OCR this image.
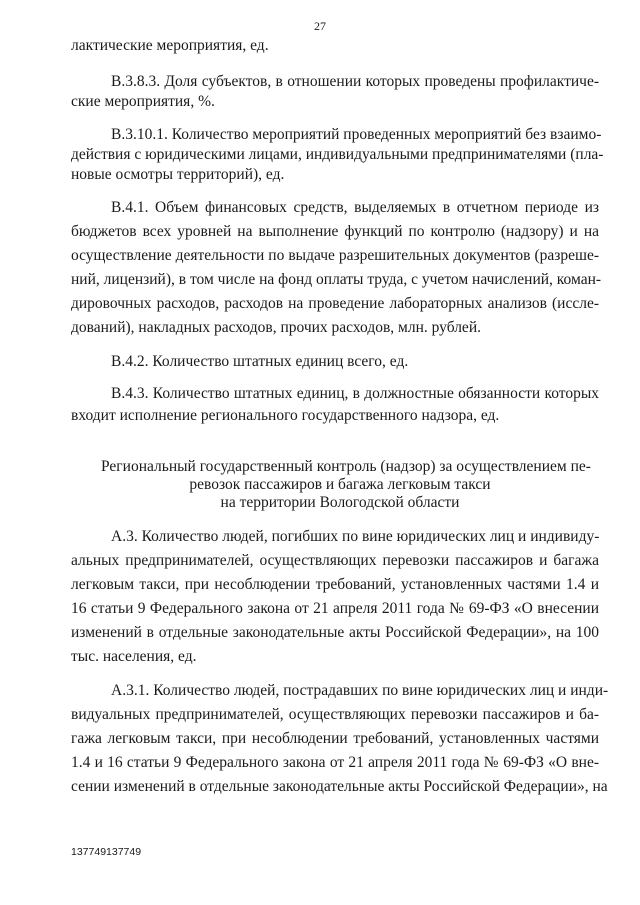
27
лактические мероприятия, ед.
В.3.8.3. Доля субъектов, в отношении которых проведены профилактиче-
ские мероприятия, %.
В.3.10.1. Количество мероприятий проведенных мероприятий без взаимо-
действия с юридическими лицами, индивидуальными предпринимателями (пла-
новые осмотры территорий), ед.
В.4.1. Объем финансовых средств, выделяемых в отчетном периоде из
бюджетов всех уровней на выполнение функций по контролю (надзору) и на
осуществление деятельности по выдаче разрешительных документов (разреше-
ний, лицензий), в том числе на фонд оплаты труда, с учетом начислений, коман-
дировочных расходов, расходов на проведение лабораторных анализов (иссле-
дований), накладных расходов, прочих расходов, млн. рублей.
В.4.2. Количество штатных единиц всего, ед.
В.4.3. Количество штатных единиц, в должностные обязанности которых
входит исполнение регионального государственного надзора, ед.
Региональный государственный контроль (надзор) за осуществлением пе-
ревозок пассажиров и багажа легковым такси
на территории Вологодской области
А.3. Количество людей, погибших по вине юридических лиц и индивиду-
альных предпринимателей, осуществляющих перевозки пассажиров и багажа
легковым такси, при несоблюдении требований, установленных частями 1.4 и
16 статьи 9 Федерального закона от 21 апреля 2011 года № 69-ФЗ «О внесении
изменений в отдельные законодательные акты Российской Федерации», на 100
тыс. населения, ед.
А.3.1. Количество людей, пострадавших по вине юридических лиц и инди-
видуальных предпринимателей, осуществляющих перевозки пассажиров и ба-
гажа легковым такси, при несоблюдении требований, установленных частями
1.4 и 16 статьи 9 Федерального закона от 21 апреля 2011 года № 69-ФЗ «О вне-
сении изменений в отдельные законодательные акты Российской Федерации», на
137749137749
